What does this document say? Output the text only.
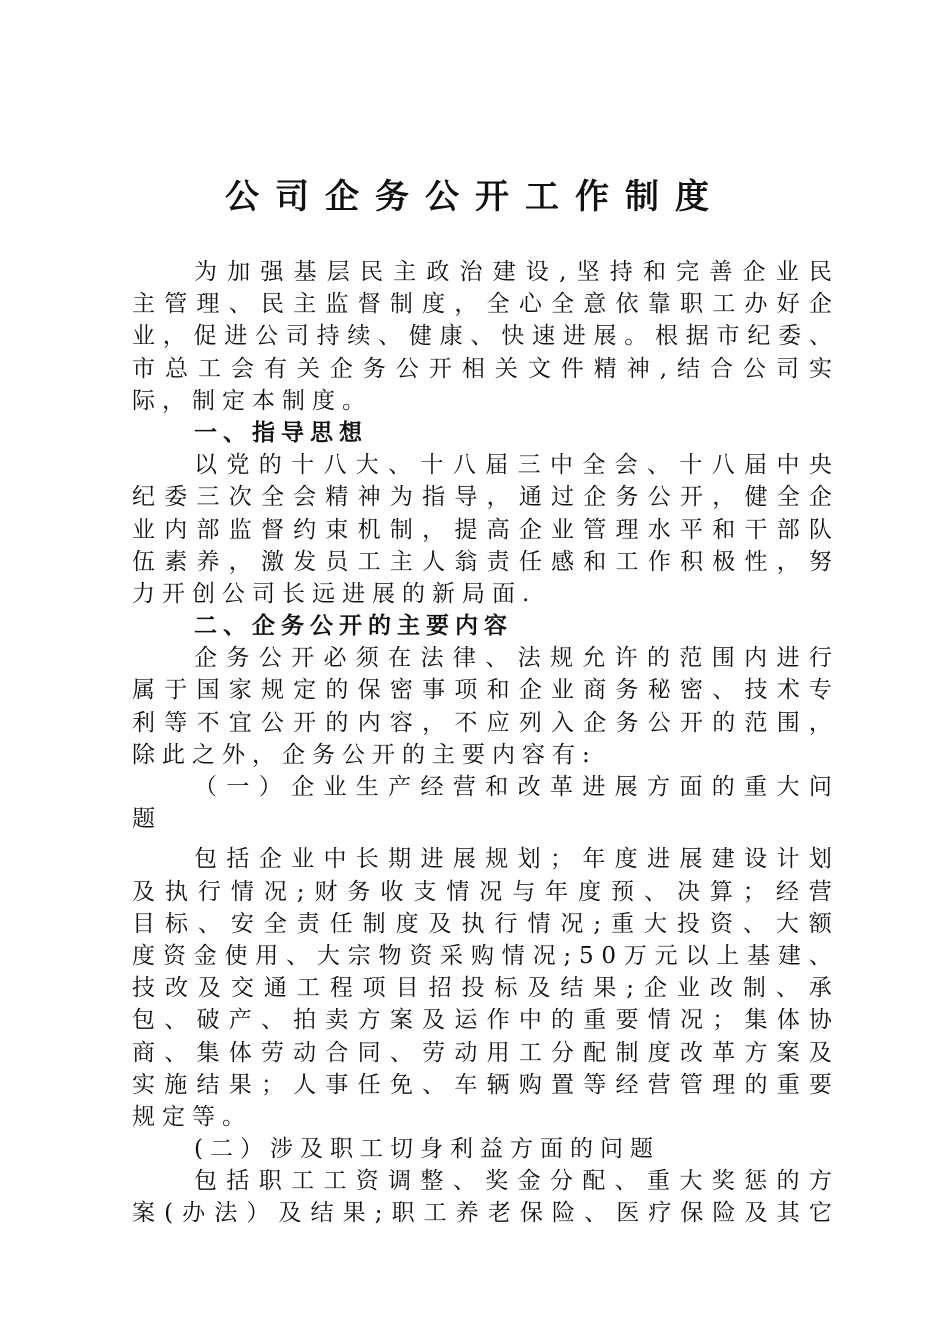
公司企务公开工作制度
为 加 强 基 层 民 主 政 治 建 设 , 坚 持 和 完 善 企 业 民
主 管 理 、 民 主 监 督 制 度 ， 全 心 全 意 依 靠 职 工 办 好 企
业 ， 促 进 公 司 持 续 、 健 康 、 快 速 进 展 。 根 据 市 纪 委 、
市 总 工 会 有 关 企 务 公 开 相 关 文 件 精 神 , 结 合 公 司 实
际，制定本制度。
一、指导思想
以 党 的 十 八 大 、 十 八 届 三 中 全 会 、 十 八 届 中 央
纪 委 三 次 全 会 精 神 为 指 导 ， 通 过 企 务 公 开 ， 健 全 企
业 内 部 监 督 约 束 机 制 ， 提 高 企 业 管 理 水 平 和 干 部 队
伍 素 养 ， 激 发 员 工 主 人 翁 责 任 感 和 工 作 积 极 性 ， 努
力开创公司长远进展的新局面.
二、企务公开的主要内容
企 务 公 开 必 须 在 法 律 、 法 规 允 许 的 范 围 内 进 行
属 于 国 家 规 定 的 保 密 事 项 和 企 业 商 务 秘 密 、 技 术 专
利 等 不 宜 公 开 的 内 容 ， 不 应 列 入 企 务 公 开 的 范 围 ，
除此之外，企务公开的主要内容有:
（ 一 ） 企 业 生 产 经 营 和 改 革 进 展 方 面 的 重 大 问
题
包 括 企 业 中 长 期 进 展 规 划 ； 年 度 进 展 建 设 计 划
及 执 行 情 况 ; 财 务 收 支 情 况 与 年 度 预 、 决 算 ； 经 营
目 标 、 安 全 责 任 制 度 及 执 行 情 况 ; 重 大 投 资 、 大 额
度 资 金 使 用 、 大 宗 物 资 采 购 情 况 ; 5 0 万 元 以 上 基 建 、
技 改 及 交 通 工 程 项 目 招 投 标 及 结 果 ; 企 业 改 制 、 承
包 、 破 产 、 拍 卖 方 案 及 运 作 中 的 重 要 情 况 ； 集 体 协
商 、 集 体 劳 动 合 同 、 劳 动 用 工 分 配 制 度 改 革 方 案 及
实 施 结 果 ； 人 事 任 免 、 车 辆 购 置 等 经 营 管 理 的 重 要
规定等。
(二）涉及职工切身利益方面的问题
包 括 职 工 工 资 调 整 、 奖 金 分 配 、 重 大 奖 惩 的 方
案 ( 办 法 ） 及 结 果 ; 职 工 养 老 保 险 、 医 疗 保 险 及 其 它
